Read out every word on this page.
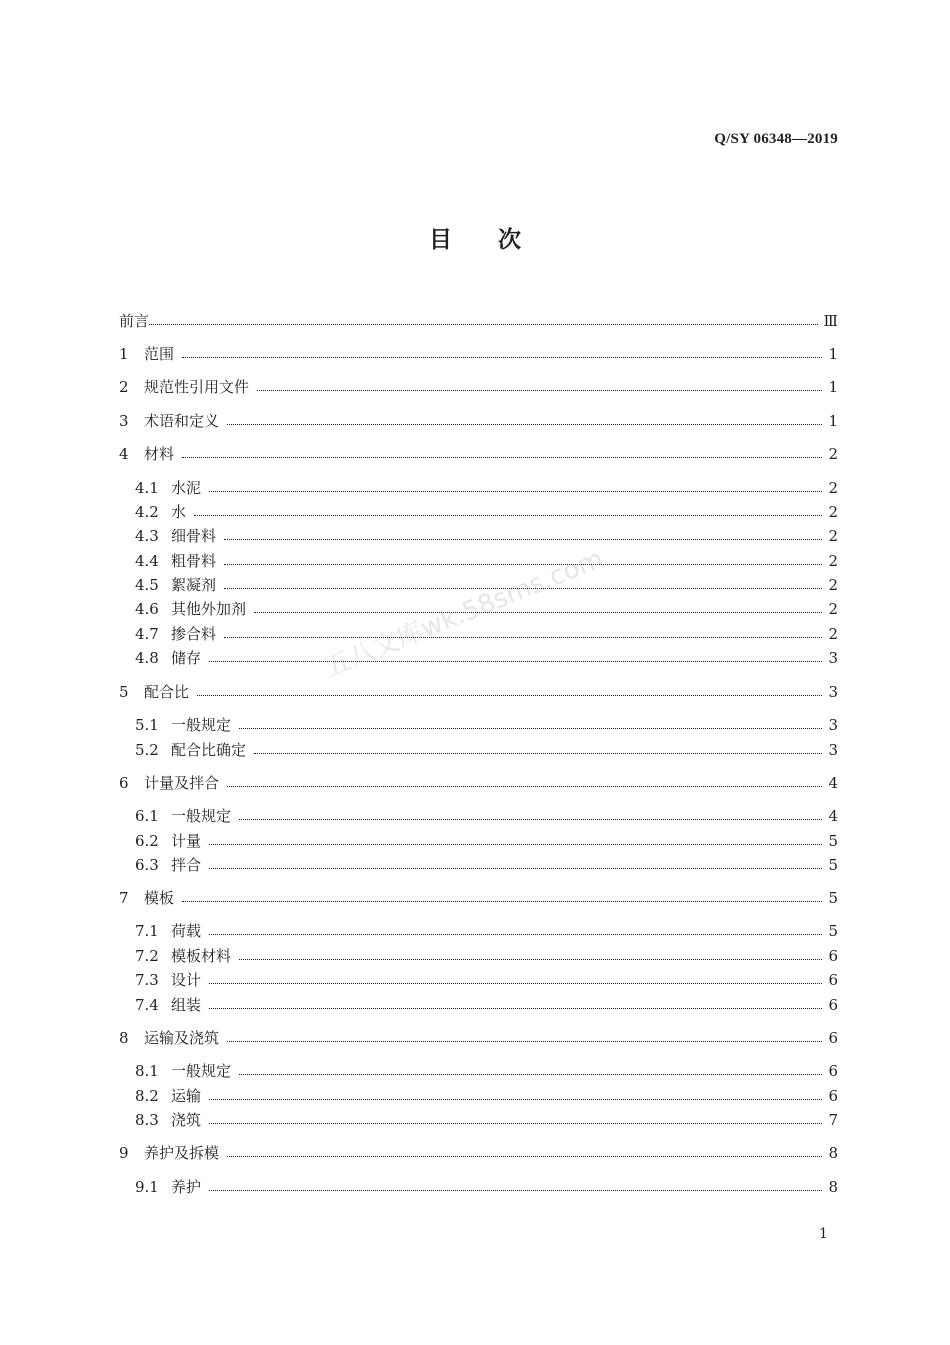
Q/SY 06348—2019
目 次
五八文库wk.58sms.com
前言	Ⅲ
1	范围	1
2	规范性引用文件	1
3	术语和定义	1
4	材料	2
4.1 水泥	2
4.2 水	2
4.3 细骨料	2
4.4 粗骨料	2
4.5 絮凝剂	2
4.6 其他外加剂	2
4.7 掺合料	2
4.8 储存	3
5	配合比	3
5.1 一般规定	3
5.2 配合比确定	3
6	计量及拌合	4
6.1 一般规定	4
6.2 计量	5
6.3 拌合	5
7	模板	5
7.1 荷载	5
7.2 模板材料	6
7.3 设计	6
7.4 组装	6
8	运输及浇筑	6
8.1 一般规定	6
8.2 运输	6
8.3 浇筑	7
9	养护及拆模	8
9.1 养护	8
1
